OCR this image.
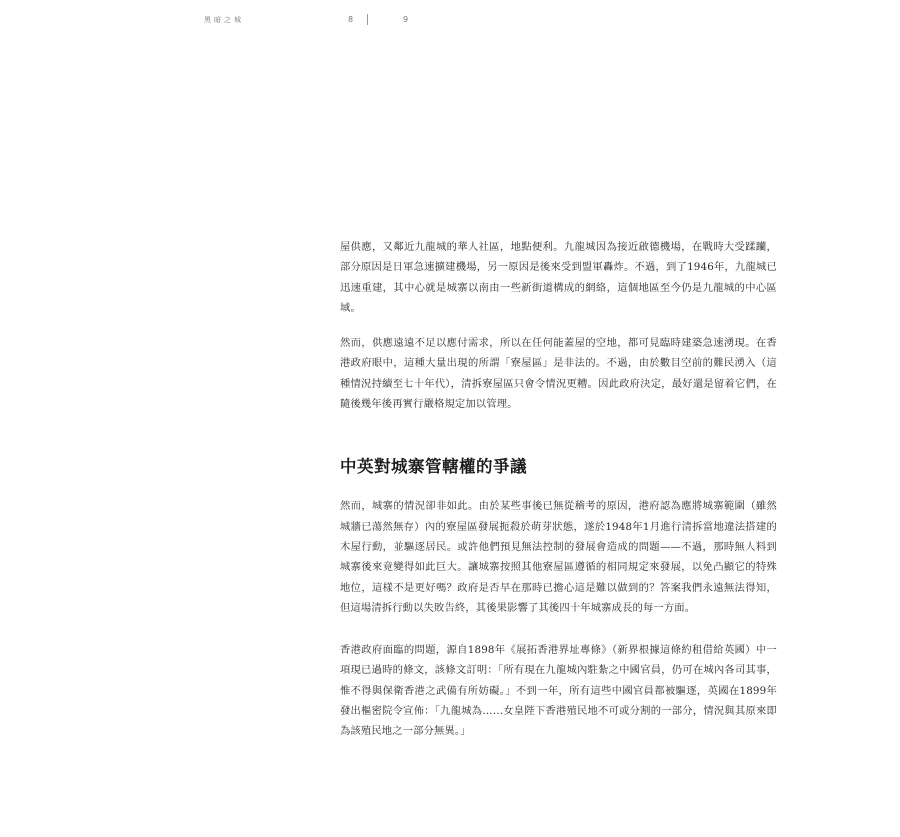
黑暗之城	8	9

屋供應，又鄰近九龍城的華人社區，地點便利。九龍城因為接近啟德機場，在戰時大受蹂躪，部分原因是日軍急速擴建機場，另一原因是後來受到盟軍轟炸。不過，到了1946年，九龍城已迅速重建，其中心就是城寨以南由一些新街道構成的網絡，這個地區至今仍是九龍城的中心區域。

然而，供應遠遠不足以應付需求，所以在任何能蓋屋的空地，都可見臨時建築急速湧現。在香港政府眼中，這種大量出現的所謂「寮屋區」是非法的。不過，由於數目空前的難民湧入（這種情況持續至七十年代），清拆寮屋區只會令情況更糟。因此政府決定，最好還是留着它們，在隨後幾年後再實行嚴格規定加以管理。

中英對城寨管轄權的爭議

然而，城寨的情況卻非如此。由於某些事後已無從稽考的原因，港府認為應將城寨範圍（雖然城牆已蕩然無存）內的寮屋區發展扼殺於萌芽狀態，遂於1948年1月進行清拆當地違法搭建的木屋行動，並驅逐居民。或許他們預見無法控制的發展會造成的問題——不過，那時無人料到城寨後來竟變得如此巨大。讓城寨按照其他寮屋區遵循的相同規定來發展，以免凸顯它的特殊地位，這樣不是更好嗎？政府是否早在那時已擔心這是難以做到的？答案我們永遠無法得知，但這場清拆行動以失敗告終，其後果影響了其後四十年城寨成長的每一方面。

香港政府面臨的問題，源自1898年《展拓香港界址專條》（新界根據這條約租借給英國）中一項現已過時的條文，該條文訂明：「所有現在九龍城內駐紮之中國官員，仍可在城內各司其事，惟不得與保衛香港之武備有所妨礙。」不到一年，所有這些中國官員都被驅逐，英國在1899年發出樞密院令宣佈：「九龍城為……女皇陛下香港殖民地不可或分割的一部分，情況與其原來即為該殖民地之一部分無異。」
